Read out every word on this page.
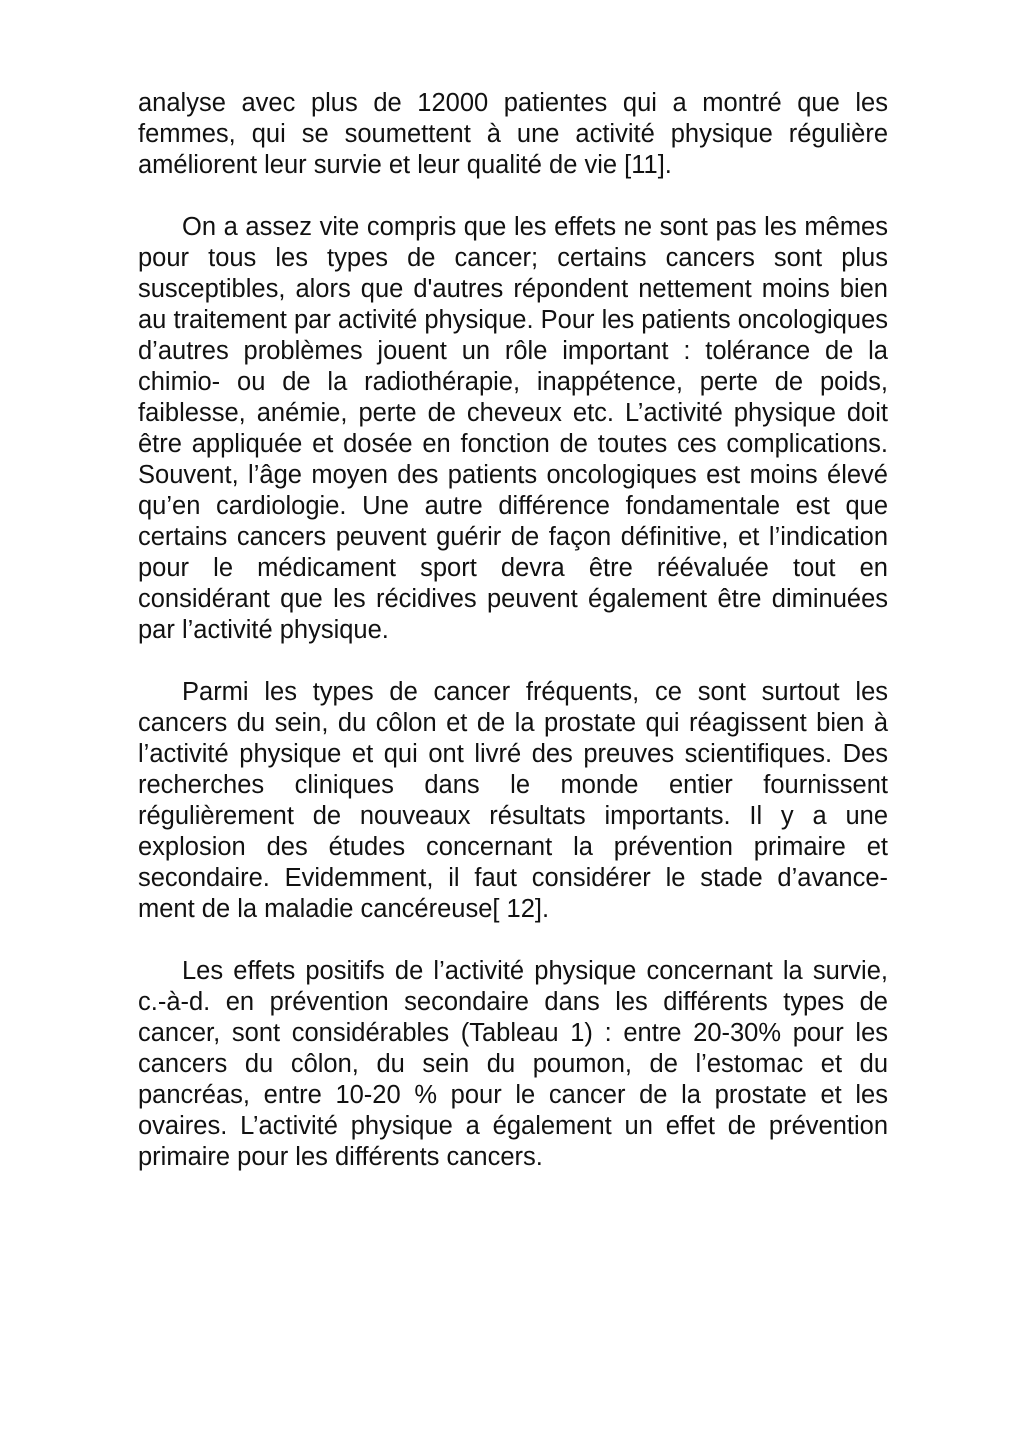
analyse avec plus de 12000 patientes qui a montré que les femmes, qui se soumettent à une activité physique régulière améliorent leur survie et leur qualité de vie [11].

On a assez vite compris que les effets ne sont pas les mêmes pour tous les types de cancer; certains cancers sont plus susceptibles, alors que d'autres répondent nettement moins bien au traitement par activité physique. Pour les patients oncologiques d’autres problèmes jouent un rôle important : tolérance de la chimio- ou de la radiothérapie, inappétence, perte de poids, faiblesse, anémie, perte de cheveux etc. L’activité physique doit être appliquée et dosée en fonction de toutes ces complications. Souvent, l’âge moyen des patients oncologiques est moins élevé qu’en cardiologie. Une autre différence fondamentale est que certains cancers peuvent guérir de façon définitive, et l’indication pour le médicament sport devra être réévaluée tout en considérant que les récidives peuvent également être diminuées par l’activité physique.

Parmi les types de cancer fréquents, ce sont surtout les cancers du sein, du côlon et de la prostate qui réagissent bien à l’activité physique et qui ont livré des preuves scientifiques. Des recherches cliniques dans le monde entier fournissent régulièrement de nouveaux résultats importants. Il y a une explosion des études concernant la prévention primaire et secondaire. Evidemment, il faut considérer le stade d’avance-ment de la maladie cancéreuse[ 12].

Les effets positifs de l’activité physique concernant la survie, c.-à-d. en prévention secondaire dans les différents types de cancer, sont considérables (Tableau 1) : entre 20-30% pour les cancers du côlon, du sein du poumon, de l’estomac et du pancréas, entre 10-20 % pour le cancer de la prostate et les ovaires. L’activité physique a également un effet de prévention primaire pour les différents cancers.
